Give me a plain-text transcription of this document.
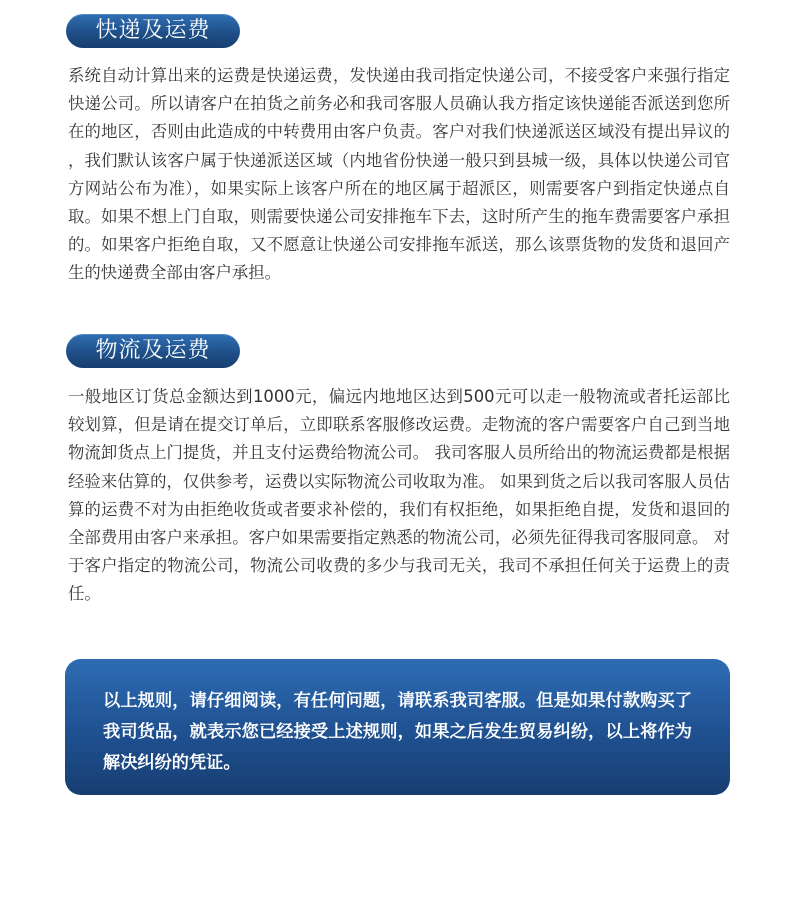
快递及运费

系统自动计算出来的运费是快递运费，发快递由我司指定快递公司，不接受客户来强行指定快递公司。所以请客户在拍货之前务必和我司客服人员确认我方指定该快递能否派送到您所在的地区，否则由此造成的中转费用由客户负责。客户对我们快递派送区域没有提出异议的，我们默认该客户属于快递派送区域（内地省份快递一般只到县城一级，具体以快递公司官方网站公布为准），如果实际上该客户所在的地区属于超派区，则需要客户到指定快递点自取。如果不想上门自取，则需要快递公司安排拖车下去，这时所产生的拖车费需要客户承担的。如果客户拒绝自取，又不愿意让快递公司安排拖车派送，那么该票货物的发货和退回产生的快递费全部由客户承担。

物流及运费

一般地区订货总金额达到1000元，偏远内地地区达到500元可以走一般物流或者托运部比较划算，但是请在提交订单后，立即联系客服修改运费。走物流的客户需要客户自己到当地物流卸货点上门提货，并且支付运费给物流公司。 我司客服人员所给出的物流运费都是根据经验来估算的，仅供参考，运费以实际物流公司收取为准。 如果到货之后以我司客服人员估算的运费不对为由拒绝收货或者要求补偿的，我们有权拒绝，如果拒绝自提，发货和退回的全部费用由客户来承担。客户如果需要指定熟悉的物流公司，必须先征得我司客服同意。 对于客户指定的物流公司，物流公司收费的多少与我司无关，我司不承担任何关于运费上的责任。

以上规则，请仔细阅读，有任何问题，请联系我司客服。但是如果付款购买了我司货品，就表示您已经接受上述规则，如果之后发生贸易纠纷，以上将作为解决纠纷的凭证。
